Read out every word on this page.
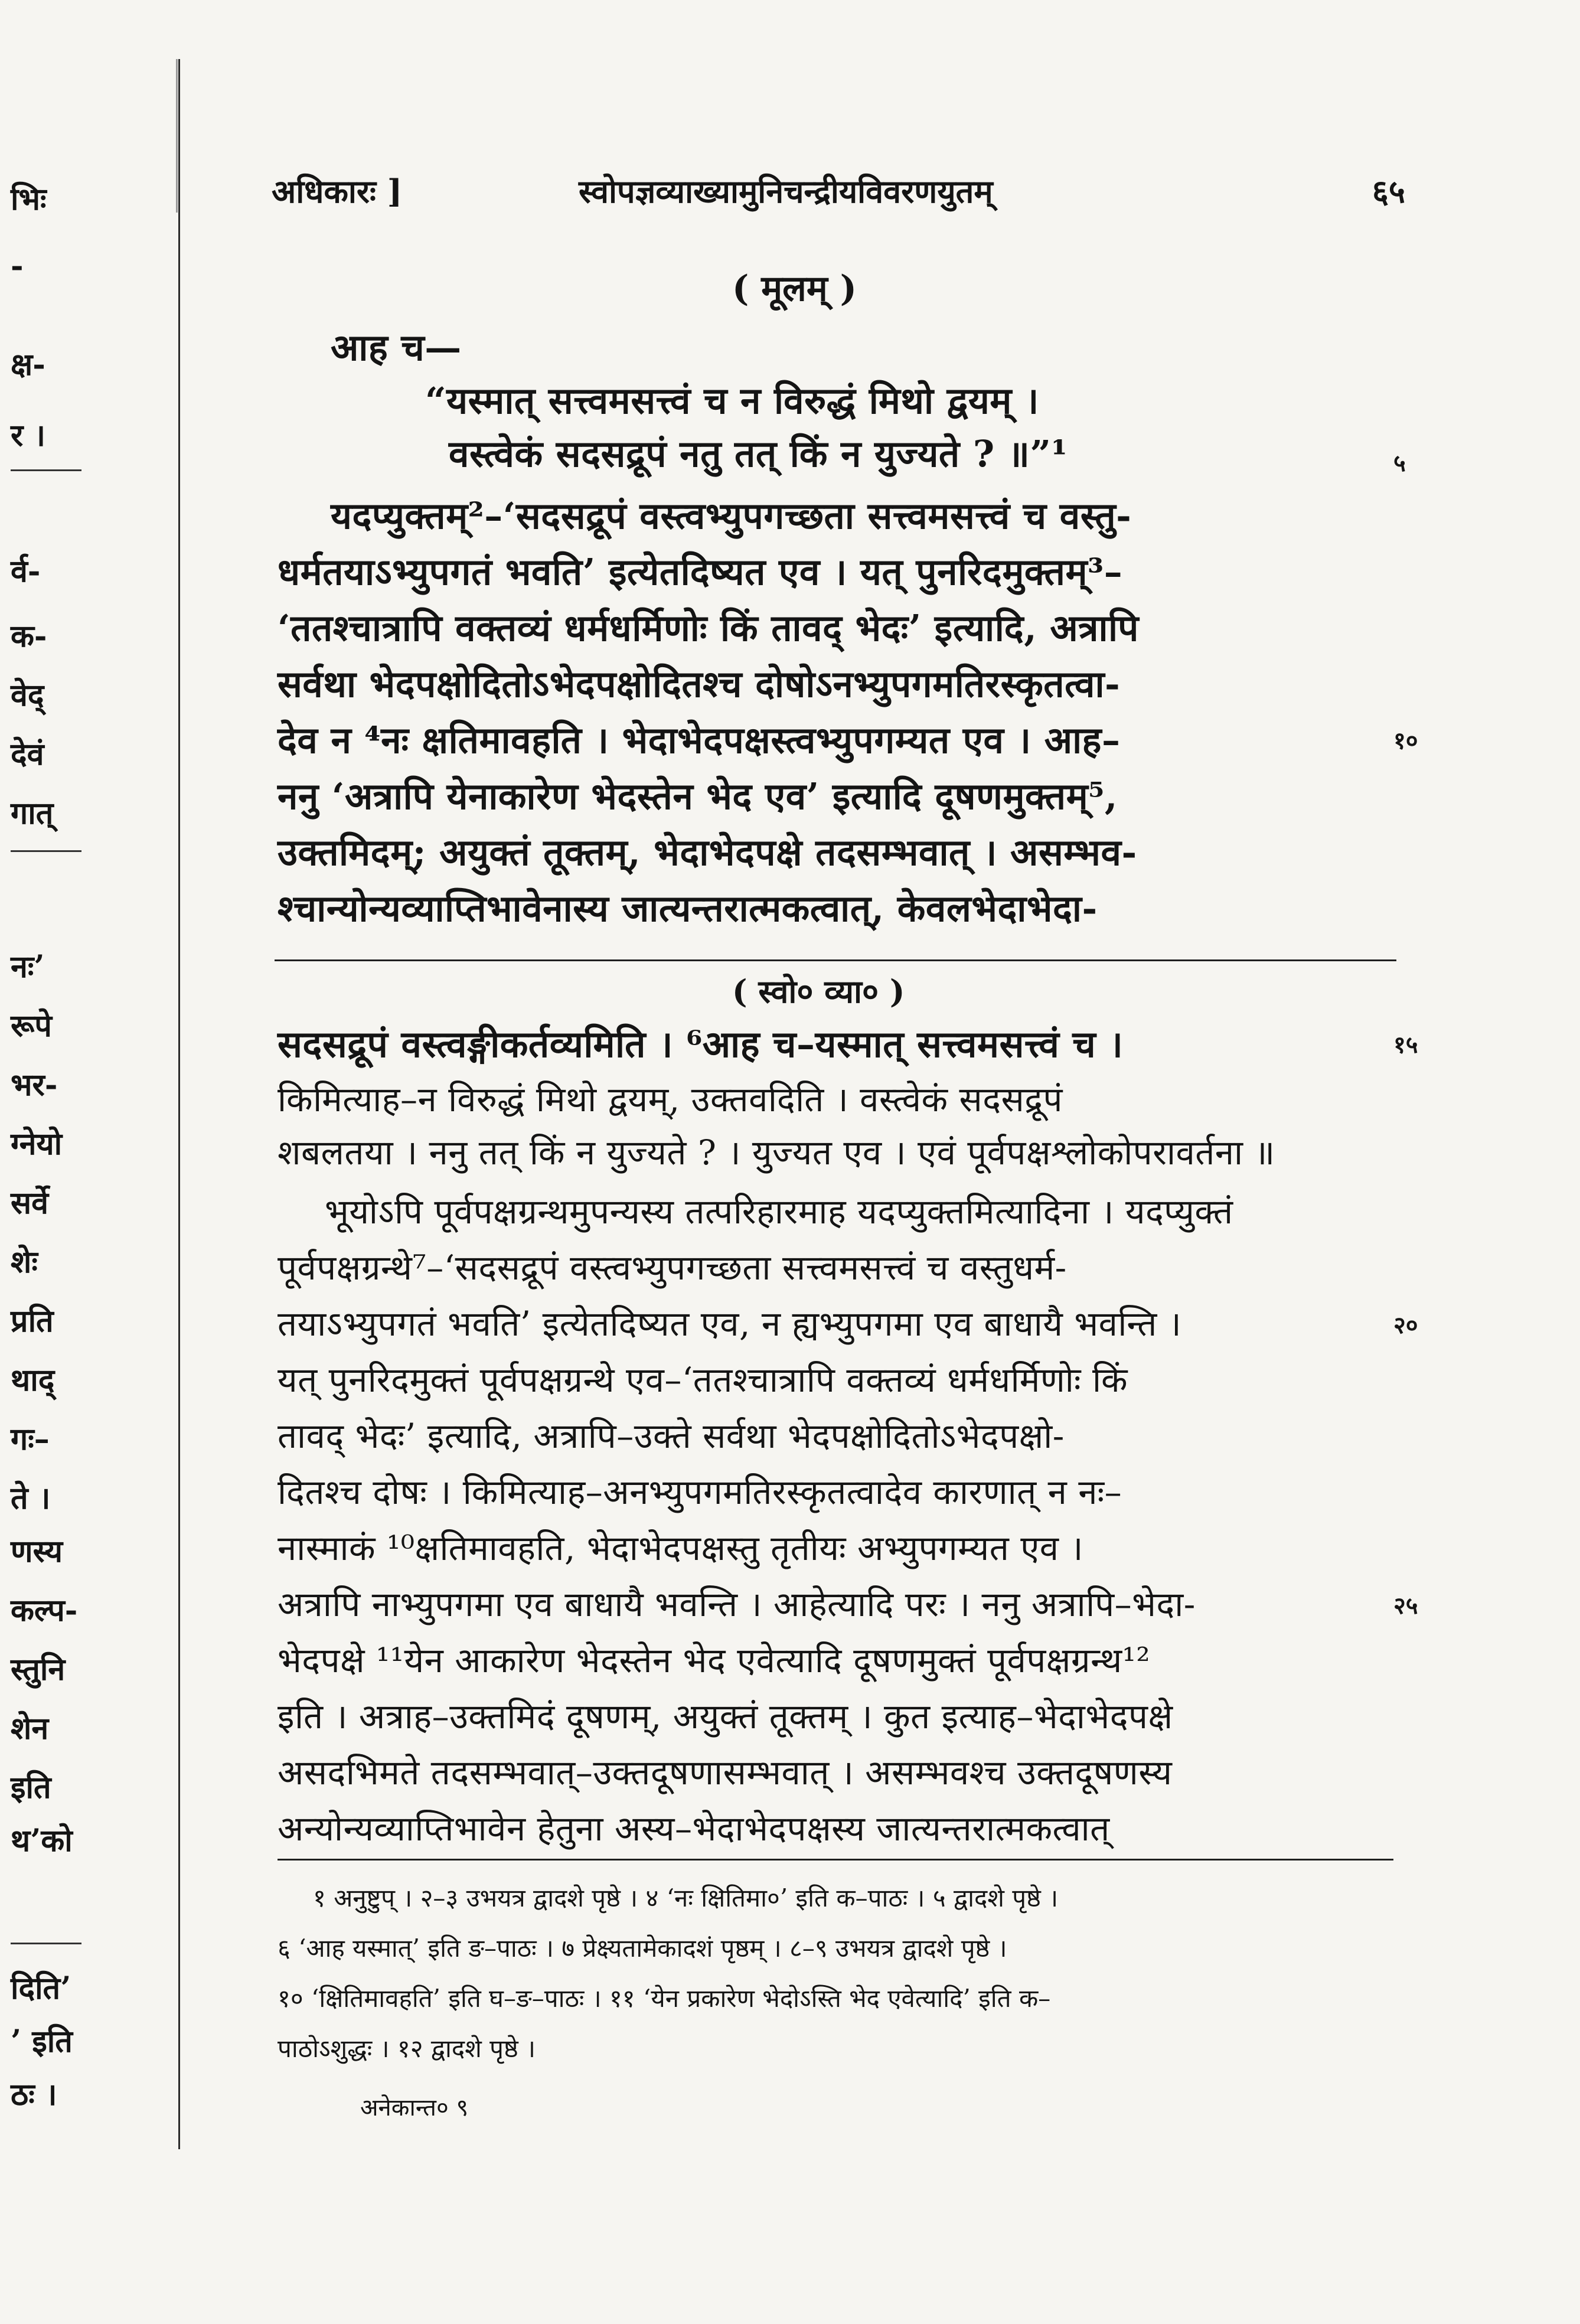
भिः
-
क्ष-
र ।
र्व-
क-
वेद्
देवं
गात्
नः’
रूपे
भर-
ग्नेयो
सर्वे
शेः
प्रति
थाद्
गः–
ते ।
णस्य
कल्प-
स्तुनि
शेन
इति
थ’को
दिति’
’ इति
ठः ।
अधिकारः ]	स्वोपज्ञव्याख्यामुनिचन्द्रीयविवरणयुतम्	६५
( मूलम् )
आह च—
“यस्मात् सत्त्वमसत्त्वं च न विरुद्धं मिथो द्वयम् ।
वस्त्वेकं सदसद्रूपं नतु तत् किं न युज्यते ? ॥”¹	५
यदप्युक्तम्²–‘सदसद्रूपं वस्त्वभ्युपगच्छता सत्त्वमसत्त्वं च वस्तु-
धर्मतयाऽभ्युपगतं भवति’ इत्येतदिष्यत एव । यत् पुनरिदमुक्तम्³–
‘ततश्चात्रापि वक्तव्यं धर्मधर्मिणोः किं तावद् भेदः’ इत्यादि, अत्रापि
सर्वथा भेदपक्षोदितोऽभेदपक्षोदितश्च दोषोऽनभ्युपगमतिरस्कृतत्वा-
देव न ⁴नः क्षतिमावहति । भेदाभेदपक्षस्त्वभ्युपगम्यत एव । आह–	१०
ननु ‘अत्रापि येनाकारेण भेदस्तेन भेद एव’ इत्यादि दूषणमुक्तम्⁵,
उक्तमिदम्; अयुक्तं तूक्तम्, भेदाभेदपक्षे तदसम्भवात् । असम्भव-
श्चान्योन्यव्याप्तिभावेनास्य जात्यन्तरात्मकत्वात्, केवलभेदाभेदा-
( स्वो० व्या० )
सदसद्रूपं वस्त्वङ्गीकर्तव्यमिति । ⁶आह च–यस्मात् सत्त्वमसत्त्वं च ।	१५
किमित्याह–न विरुद्धं मिथो द्वयम्, उक्तवदिति । वस्त्वेकं सदसद्रूपं
शबलतया । ननु तत् किं न युज्यते ? । युज्यत एव । एवं पूर्वपक्षश्लोकोपरावर्तना ॥
भूयोऽपि पूर्वपक्षग्रन्थमुपन्यस्य तत्परिहारमाह यदप्युक्तमित्यादिना । यदप्युक्तं
पूर्वपक्षग्रन्थे⁷–‘सदसद्रूपं वस्त्वभ्युपगच्छता सत्त्वमसत्त्वं च वस्तुधर्म-
तयाऽभ्युपगतं भवति’ इत्येतदिष्यत एव, न ह्यभ्युपगमा एव बाधायै भवन्ति ।	२०
यत् पुनरिदमुक्तं पूर्वपक्षग्रन्थे एव–‘ततश्चात्रापि वक्तव्यं धर्मधर्मिणोः किं
तावद् भेदः’ इत्यादि, अत्रापि–उक्ते सर्वथा भेदपक्षोदितोऽभेदपक्षो-
दितश्च दोषः । किमित्याह–अनभ्युपगमतिरस्कृतत्वादेव कारणात् न नः–
नास्माकं ¹⁰क्षतिमावहति, भेदाभेदपक्षस्तु तृतीयः अभ्युपगम्यत एव ।
अत्रापि नाभ्युपगमा एव बाधायै भवन्ति । आहेत्यादि परः । ननु अत्रापि–भेदा-	२५
भेदपक्षे ¹¹येन आकारेण भेदस्तेन भेद एवेत्यादि दूषणमुक्तं पूर्वपक्षग्रन्थ¹²
इति । अत्राह–उक्तमिदं दूषणम्, अयुक्तं तूक्तम् । कुत इत्याह–भेदाभेदपक्षे
असदभिमते तदसम्भवात्–उक्तदूषणासम्भवात् । असम्भवश्च उक्तदूषणस्य
अन्योन्यव्याप्तिभावेन हेतुना अस्य–भेदाभेदपक्षस्य जात्यन्तरात्मकत्वात्
१ अनुष्टुप् । २–३ उभयत्र द्वादशे पृष्ठे । ४ ‘नः क्षितिमा०’ इति क–पाठः । ५ द्वादशे पृष्ठे ।
६ ‘आह यस्मात्’ इति ङ–पाठः । ७ प्रेक्ष्यतामेकादशं पृष्ठम् । ८–९ उभयत्र द्वादशे पृष्ठे ।
१० ‘क्षितिमावहति’ इति घ–ङ–पाठः । ११ ‘येन प्रकारेण भेदोऽस्ति भेद एवेत्यादि’ इति क–
पाठोऽशुद्धः । १२ द्वादशे पृष्ठे ।
अनेकान्त० ९
